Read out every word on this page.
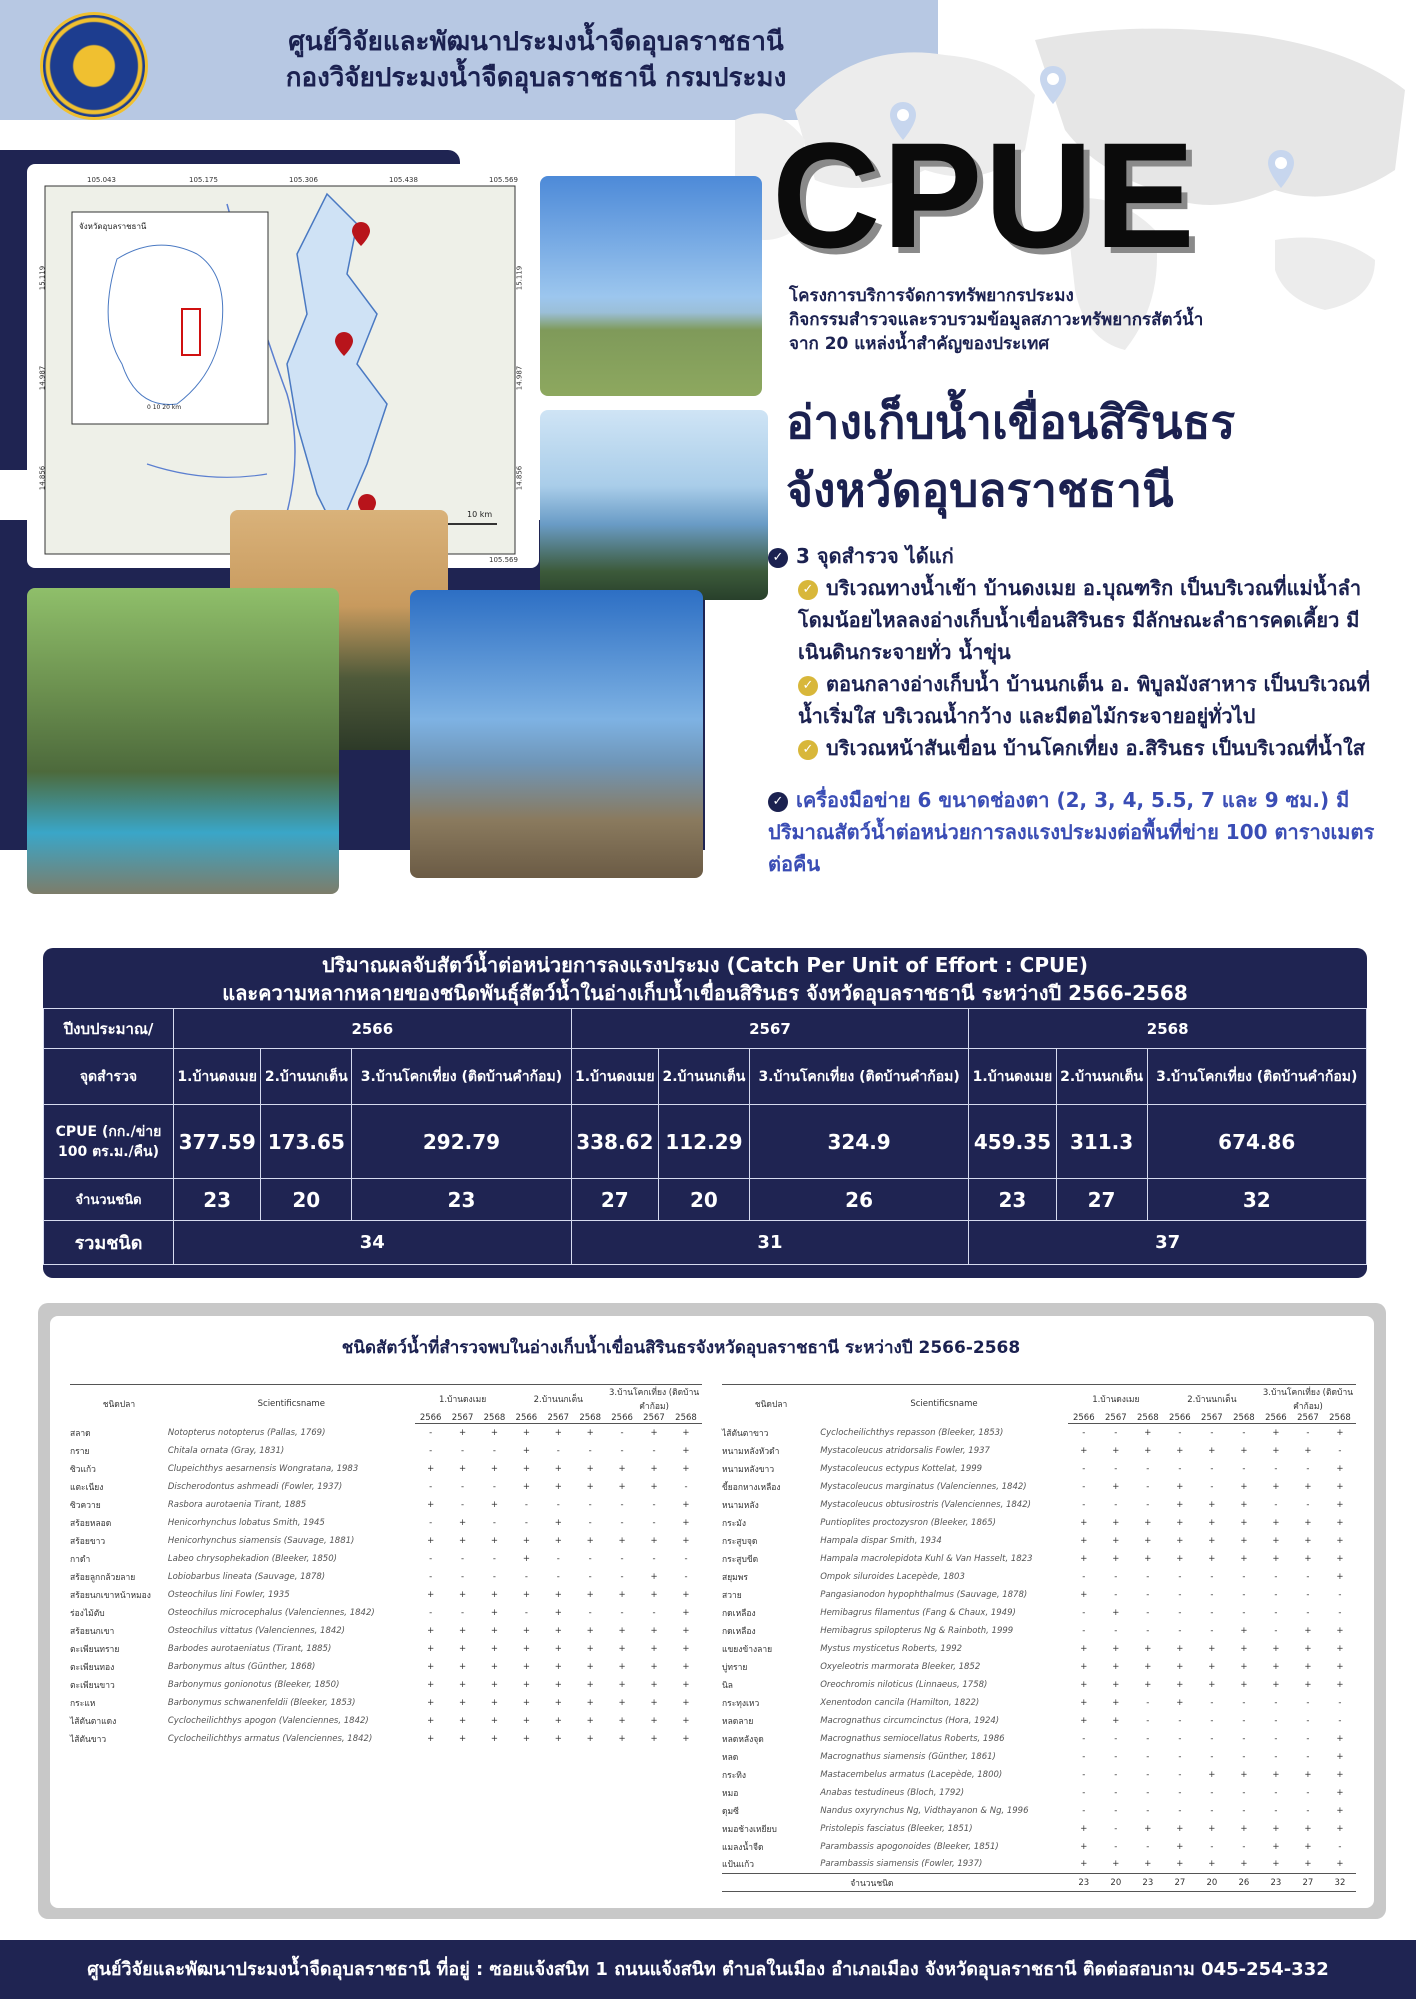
ศูนย์วิจัยและพัฒนาประมงน้ำจืดอุบลราชธานี
กองวิจัยประมงน้ำจืดอุบลราชธานี กรมประมง
CPUE
โครงการบริการจัดการทรัพยากรประมง
กิจกรรมสำรวจและรวบรวมข้อมูลสภาวะทรัพยากรสัตว์น้ำ
จาก 20 แหล่งน้ำสำคัญของประเทศ
อ่างเก็บน้ำเขื่อนสิรินธร
จังหวัดอุบลราชธานี
105.043	105.175	105.306	105.438	105.569
105.569
15.119
14.987
14.856
15.119
14.987
14.856
จังหวัดอุบลราชธานี
0 10 20 km
10 km
✓ 3 จุดสำรวจ ได้แก่
✓ บริเวณทางน้ำเข้า บ้านดงเมย อ.บุณฑริก เป็นบริเวณที่แม่น้ำลำโดมน้อยไหลลงอ่างเก็บน้ำเขื่อนสิรินธร มีลักษณะลำธารคดเคี้ยว มีเนินดินกระจายทั่ว น้ำขุ่น
✓ ตอนกลางอ่างเก็บน้ำ บ้านนกเต็น อ. พิบูลมังสาหาร เป็นบริเวณที่น้ำเริ่มใส บริเวณน้ำกว้าง และมีตอไม้กระจายอยู่ทั่วไป
✓ บริเวณหน้าสันเขื่อน บ้านโคกเที่ยง อ.สิรินธร เป็นบริเวณที่น้ำใส
✓ เครื่องมือข่าย 6 ขนาดช่องตา (2, 3, 4, 5.5, 7 และ 9 ซม.) มีปริมาณสัตว์น้ำต่อหน่วยการลงแรงประมงต่อพื้นที่ข่าย 100 ตารางเมตรต่อคืน
ปริมาณผลจับสัตว์น้ำต่อหน่วยการลงแรงประมง (Catch Per Unit of Effort : CPUE)
และความหลากหลายของชนิดพันธุ์สัตว์น้ำในอ่างเก็บน้ำเขื่อนสิรินธร จังหวัดอุบลราชธานี ระหว่างปี 2566-2568
ปีงบประมาณ/	2566			2567			2568		
จุดสำรวจ	1.บ้านดงเมย	2.บ้านนกเต็น	3.บ้านโคกเที่ยง (ติดบ้านคำก้อม)	1.บ้านดงเมย	2.บ้านนกเต็น	3.บ้านโคกเที่ยง (ติดบ้านคำก้อม)	1.บ้านดงเมย	2.บ้านนกเต็น	3.บ้านโคกเที่ยง (ติดบ้านคำก้อม)
CPUE (กก./ข่าย 100 ตร.ม./คืน)	377.59	173.65	292.79	338.62	112.29	324.9	459.35	311.3	674.86
จำนวนชนิด	23	20	23	27	20	26	23	27	32
รวมชนิด	34			31			37		
ชนิดสัตว์น้ำที่สำรวจพบในอ่างเก็บน้ำเขื่อนสิรินธรจังหวัดอุบลราชธานี ระหว่างปี 2566-2568
ชนิดปลา	Scientificsname	1.บ้านดงเมย			2.บ้านนกเต็น			3.บ้านโคกเที่ยง (ติดบ้านคำก้อม)		
		2566	2567	2568	2566	2567	2568	2566	2567	2568
สลาด	Notopterus notopterus (Pallas, 1769)	-	+	+	+	+	+	-	+	+
กราย	Chitala ornata (Gray, 1831)	-	-	-	+	-	-	-	-	+
ซิวแก้ว	Clupeichthys aesarnensis Wongratana, 1983	+	+	+	+	+	+	+	+	+
แตะเนียง	Discherodontus ashmeadi (Fowler, 1937)	-	-	-	+	+	+	+	+	-
ซิวควาย	Rasbora aurotaenia Tirant, 1885	+	-	+	-	-	-	-	-	+
สร้อยหลอด	Henicorhynchus lobatus Smith, 1945	-	+	-	-	+	-	-	-	+
สร้อยขาว	Henicorhynchus siamensis (Sauvage, 1881)	+	+	+	+	+	+	+	+	+
กาดำ	Labeo chrysophekadion (Bleeker, 1850)	-	-	-	+	-	-	-	-	-
สร้อยลูกกล้วยลาย	Lobiobarbus lineata (Sauvage, 1878)	-	-	-	-	-	-	-	+	-
สร้อยนกเขาหน้าหมอง	Osteochilus lini Fowler, 1935	+	+	+	+	+	+	+	+	+
ร่องไม้ตับ	Osteochilus microcephalus (Valenciennes, 1842)	-	-	+	-	+	-	-	-	+
สร้อยนกเขา	Osteochilus vittatus (Valenciennes, 1842)	+	+	+	+	+	+	+	+	+
ตะเพียนทราย	Barbodes aurotaeniatus (Tirant, 1885)	+	+	+	+	+	+	+	+	+
ตะเพียนทอง	Barbonymus altus (Günther, 1868)	+	+	+	+	+	+	+	+	+
ตะเพียนขาว	Barbonymus gonionotus (Bleeker, 1850)	+	+	+	+	+	+	+	+	+
กระแห	Barbonymus schwanenfeldii (Bleeker, 1853)	+	+	+	+	+	+	+	+	+
ไส้ตันตาแดง	Cyclocheilichthys apogon (Valenciennes, 1842)	+	+	+	+	+	+	+	+	+
ไส้ตันขาว	Cyclocheilichthys armatus (Valenciennes, 1842)	+	+	+	+	+	+	+	+	+
ชนิดปลา	Scientificsname	1.บ้านดงเมย			2.บ้านนกเต็น			3.บ้านโคกเที่ยง (ติดบ้านคำก้อม)		
		2566	2567	2568	2566	2567	2568	2566	2567	2568
ไส้ตันตาขาว	Cyclocheilichthys repasson (Bleeker, 1853)	-	-	+	-	-	-	+	-	+
หนามหลังหัวดำ	Mystacoleucus atridorsalis Fowler, 1937	+	+	+	+	+	+	+	+	-
หนามหลังขาว	Mystacoleucus ectypus Kottelat, 1999	-	-	-	-	-	-	-	-	+
ขี้ยอกหางเหลือง	Mystacoleucus marginatus (Valenciennes, 1842)	-	+	-	+	-	+	+	+	+
หนามหลัง	Mystacoleucus obtusirostris (Valenciennes, 1842)	-	-	-	+	+	+	-	-	+
กระมัง	Puntioplites proctozysron (Bleeker, 1865)	+	+	+	+	+	+	+	+	+
กระสูบจุด	Hampala dispar Smith, 1934	+	+	+	+	+	+	+	+	+
กระสูบขีด	Hampala macrolepidota Kuhl & Van Hasselt, 1823	+	+	+	+	+	+	+	+	+
สยุมพร	Ompok siluroides Lacepède, 1803	-	-	-	-	-	-	-	-	+
สวาย	Pangasianodon hypophthalmus (Sauvage, 1878)	+	-	-	-	-	-	-	-	-
กดเหลือง	Hemibagrus filamentus (Fang & Chaux, 1949)	-	+	-	-	-	-	-	-	-
กดเหลือง	Hemibagrus spilopterus Ng & Rainboth, 1999	-	-	-	-	-	+	-	+	+
แขยงข้างลาย	Mystus mysticetus Roberts, 1992	+	+	+	+	+	+	+	+	+
บู่ทราย	Oxyeleotris marmorata Bleeker, 1852	+	+	+	+	+	+	+	+	+
นิล	Oreochromis niloticus (Linnaeus, 1758)	+	+	+	+	+	+	+	+	+
กระทุงเหว	Xenentodon cancila (Hamilton, 1822)	+	+	-	+	-	-	-	-	-
หลดลาย	Macrognathus circumcinctus (Hora, 1924)	+	+	-	-	-	-	-	-	-
หลดหลังจุด	Macrognathus semiocellatus Roberts, 1986	-	-	-	-	-	-	-	-	+
หลด	Macrognathus siamensis (Günther, 1861)	-	-	-	-	-	-	-	-	+
กระทิง	Mastacembelus armatus (Lacepède, 1800)	-	-	-	-	+	+	+	+	+
หมอ	Anabas testudineus (Bloch, 1792)	-	-	-	-	-	-	-	-	+
ดุมซี	Nandus oxyrynchus Ng, Vidthayanon & Ng, 1996	-	-	-	-	-	-	-	-	+
หมอช้างเหยียบ	Pristolepis fasciatus (Bleeker, 1851)	+	-	+	+	+	+	+	+	+
แมลงน้ำจืด	Parambassis apogonoides (Bleeker, 1851)	+	-	-	+	-	-	+	+	-
แป้นแก้ว	Parambassis siamensis (Fowler, 1937)	+	+	+	+	+	+	+	+	+
	จำนวนชนิด	23	20	23	27	20	26	23	27	32
ศูนย์วิจัยและพัฒนาประมงน้ำจืดอุบลราชธานี ที่อยู่ : ซอยแจ้งสนิท 1 ถนนแจ้งสนิท ตำบลในเมือง อำเภอเมือง จังหวัดอุบลราชธานี ติดต่อสอบถาม 045-254-332
